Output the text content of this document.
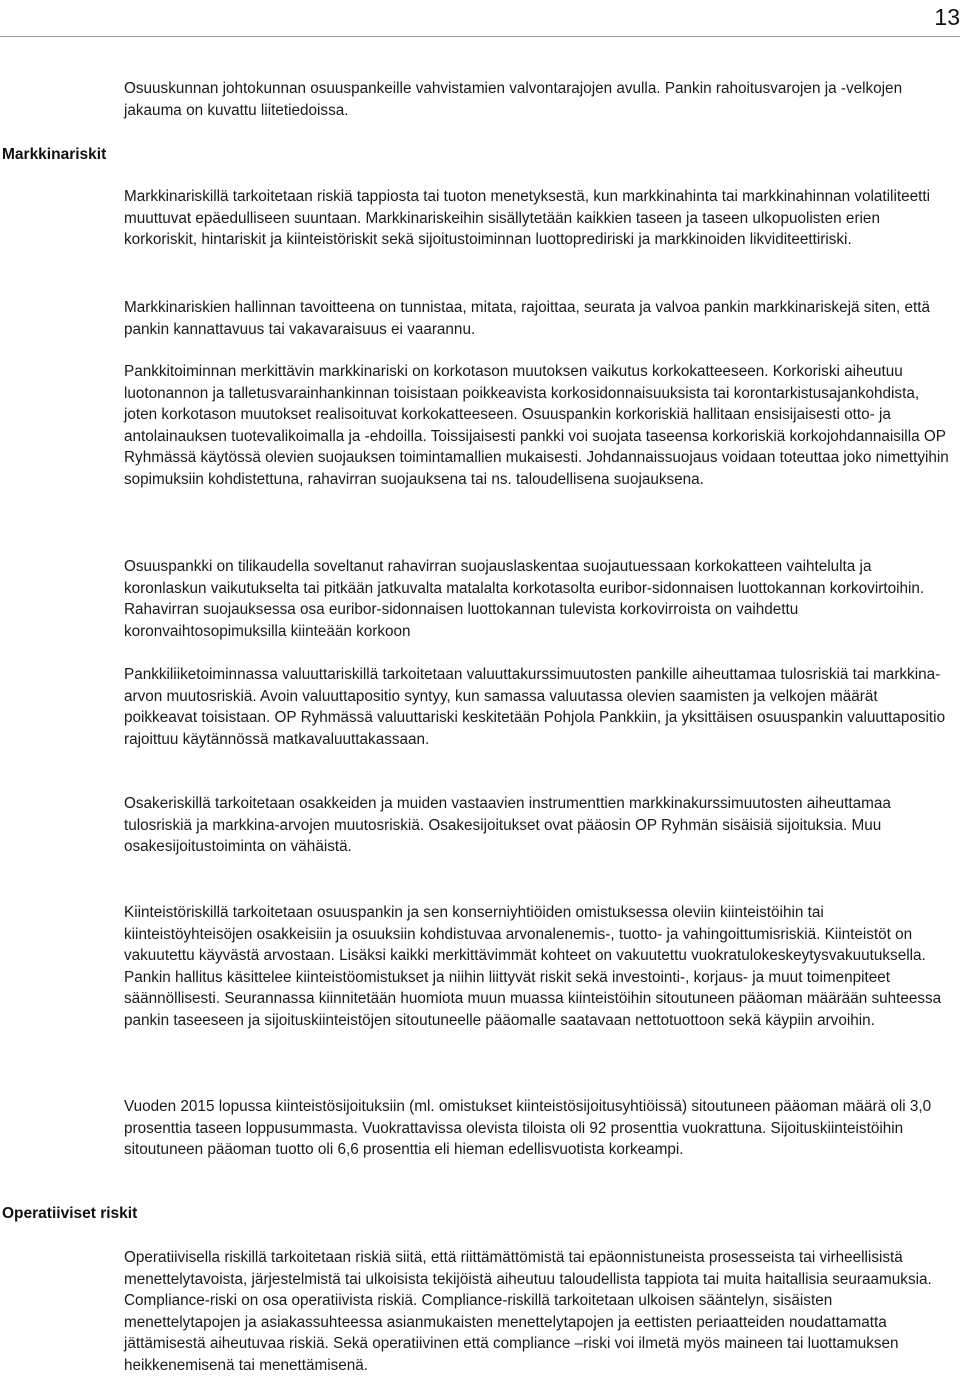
13
Markkinariskit
Operatiiviset riskit

Osuuskunnan johtokunnan osuuspankeille vahvistamien valvontarajojen avulla. Pankin rahoitusvarojen ja -velkojen jakauma on kuvattu liitetiedoissa.

Markkinariskillä tarkoitetaan riskiä tappiosta tai tuoton menetyksestä, kun markkinahinta tai markkinahinnan volatiliteetti muuttuvat epäedulliseen suuntaan. Markkinariskeihin sisällytetään kaikkien taseen ja taseen ulkopuolisten erien korkoriskit, hintariskit ja kiinteistöriskit sekä sijoitustoiminnan luottoprediriski ja markkinoiden likviditeettiriski.

Markkinariskien hallinnan tavoitteena on tunnistaa, mitata, rajoittaa, seurata ja valvoa pankin markkinariskejä siten, että pankin kannattavuus tai vakavaraisuus ei vaarannu.

Pankkitoiminnan merkittävin markkinariski on korkotason muutoksen vaikutus korkokatteeseen. Korkoriski aiheutuu luotonannon ja talletusvarainhankinnan toisistaan poikkeavista korkosidonnaisuuksista tai korontarkistusajankohdista, joten korkotason muutokset realisoituvat korkokatteeseen. Osuuspankin korkoriskiä hallitaan ensisijaisesti otto- ja antolainauksen tuotevalikoimalla ja -ehdoilla. Toissijaisesti pankki voi suojata taseensa korkoriskiä korkojohdannaisilla OP Ryhmässä käytössä olevien suojauksen toimintamallien mukaisesti. Johdannaissuojaus voidaan toteuttaa joko nimettyihin sopimuksiin kohdistettuna, rahavirran suojauksena tai ns. taloudellisena suojauksena.

Osuuspankki on tilikaudella soveltanut rahavirran suojauslaskentaa suojautuessaan korkokatteen vaihtelulta ja koronlaskun vaikutukselta tai pitkään jatkuvalta matalalta korkotasolta euribor-sidonnaisen luottokannan korkovirtoihin. Rahavirran suojauksessa osa euribor-sidonnaisen luottokannan tulevista korkovirroista on vaihdettu koronvaihtosopimuksilla kiinteään korkoon

Pankkiliiketoiminnassa valuuttariskillä tarkoitetaan valuuttakurssimuutosten pankille aiheuttamaa tulosriskiä tai markkina-arvon muutosriskiä. Avoin valuuttapositio syntyy, kun samassa valuutassa olevien saamisten ja velkojen määrät poikkeavat toisistaan. OP Ryhmässä valuuttariski keskitetään Pohjola Pankkiin, ja yksittäisen osuuspankin valuuttapositio rajoittuu käytännössä matkavaluuttakassaan.

Osakeriskillä tarkoitetaan osakkeiden ja muiden vastaavien instrumenttien markkinakurssimuutosten aiheuttamaa tulosriskiä ja markkina-arvojen muutosriskiä. Osakesijoitukset ovat pääosin OP Ryhmän sisäisiä sijoituksia. Muu osakesijoitustoiminta on vähäistä.

Kiinteistöriskillä tarkoitetaan osuuspankin ja sen konserniyhtiöiden omistuksessa oleviin kiinteistöihin tai kiinteistöyhteisöjen osakkeisiin ja osuuksiin kohdistuvaa arvonalenemis-, tuotto- ja vahingoittumisriskiä. Kiinteistöt on vakuutettu käyvästä arvostaan. Lisäksi kaikki merkittävimmät kohteet on vakuutettu vuokratulokeskeytysvakuutuksella. Pankin hallitus käsittelee kiinteistöomistukset ja niihin liittyvät riskit sekä investointi-, korjaus- ja muut toimenpiteet säännöllisesti. Seurannassa kiinnitetään huomiota muun muassa kiinteistöihin sitoutuneen pääoman määrään suhteessa pankin taseeseen ja sijoituskiinteistöjen sitoutuneelle pääomalle saatavaan nettotuottoon sekä käypiin arvoihin.

Vuoden 2015 lopussa kiinteistösijoituksiin (ml. omistukset kiinteistösijoitusyhtiöissä) sitoutuneen pääoman määrä oli 3,0 prosenttia taseen loppusummasta. Vuokrattavissa olevista tiloista oli 92 prosenttia vuokrattuna. Sijoituskiinteistöihin sitoutuneen pääoman tuotto oli 6,6 prosenttia eli hieman edellisvuotista korkeampi.

Operatiivisella riskillä tarkoitetaan riskiä siitä, että riittämättömistä tai epäonnistuneista prosesseista tai virheellisistä menettelytavoista, järjestelmistä tai ulkoisista tekijöistä aiheutuu taloudellista tappiota tai muita haitallisia seuraamuksia. Compliance-riski on osa operatiivista riskiä. Compliance-riskillä tarkoitetaan ulkoisen sääntelyn, sisäisten menettelytapojen ja asiakassuhteessa asianmukaisten menettelytapojen ja eettisten periaatteiden noudattamatta jättämisestä aiheutuvaa riskiä. Sekä operatiivinen että compliance –riski voi ilmetä myös maineen tai luottamuksen heikkenemisenä tai menettämisenä.
